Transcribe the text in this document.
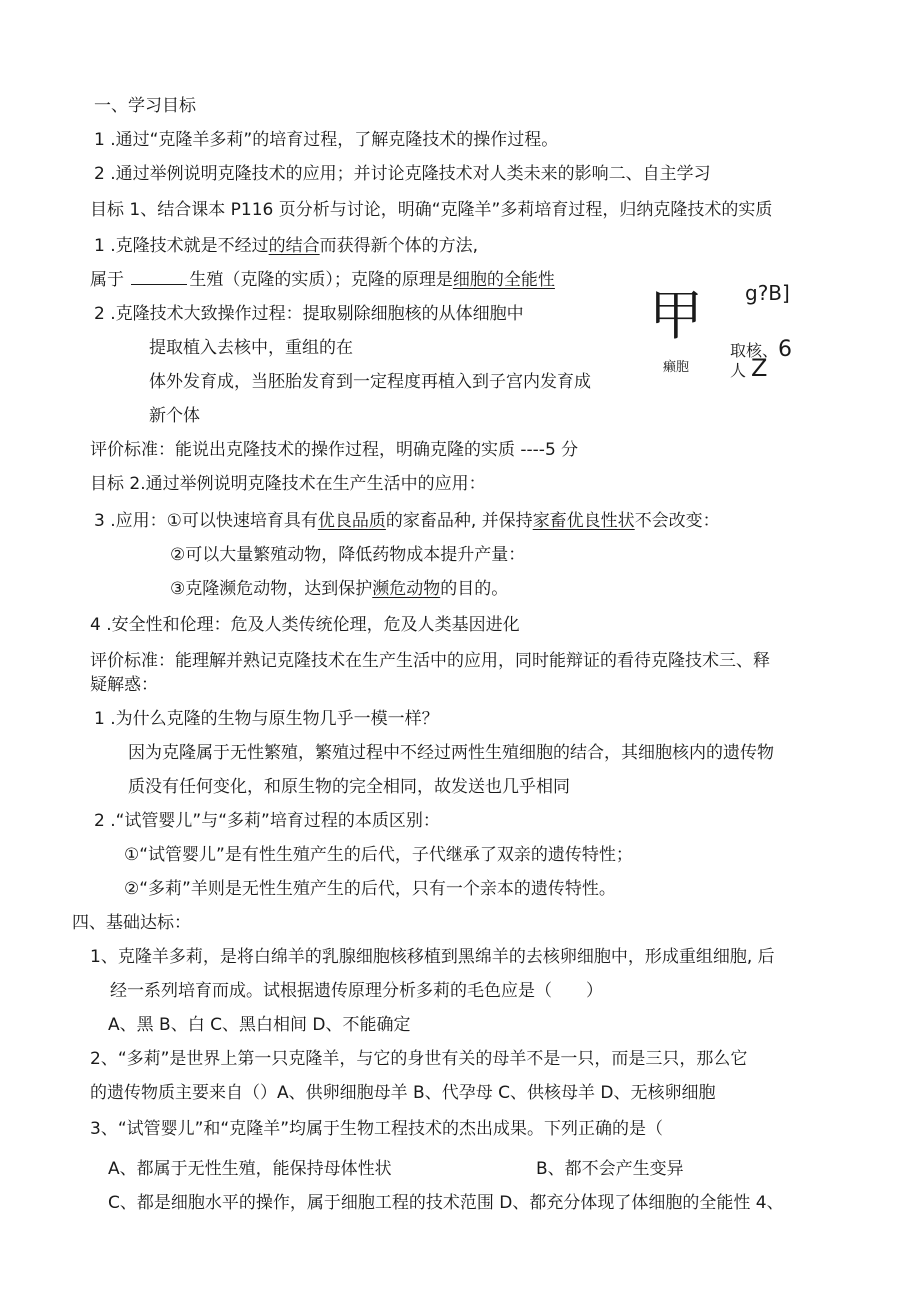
一、学习目标
1 .通过“克隆羊多莉”的培育过程，了解克隆技术的操作过程。
2 .通过举例说明克隆技术的应用；并讨论克隆技术对人类未来的影响二、自主学习
目标 1、结合课本 P116 页分析与讨论，明确“克隆羊”多莉培育过程，归纳克隆技术的实质
1 .克隆技术就是不经过的结合而获得新个体的方法,
属于	生殖（克隆的实质）；克隆的原理是细胞的全能性
2 .克隆技术大致操作过程：提取剔除细胞核的从体细胞中
提取植入去核中，重组的在
体外发育成，当胚胎发育到一定程度再植入到子宫内发育成
新个体
甲 g?B]
取核、6
癞胞	人 Z
评价标准：能说出克隆技术的操作过程，明确克隆的实质 ----5 分
目标 2.通过举例说明克隆技术在生产生活中的应用：
3 .应用：①可以快速培育具有优良品质的家畜品种, 并保持家畜优良性状不会改变：
②可以大量繁殖动物，降低药物成本提升产量：
③克隆濒危动物，达到保护濒危动物的目的。
4 .安全性和伦理：危及人类传统伦理，危及人类基因进化
评价标准：能理解并熟记克隆技术在生产生活中的应用，同时能辩证的看待克隆技术三、释
疑解惑：
1 .为什么克隆的生物与原生物几乎一模一样？
因为克隆属于无性繁殖，繁殖过程中不经过两性生殖细胞的结合，其细胞核内的遗传物
质没有任何变化，和原生物的完全相同，故发送也几乎相同
2 .“试管婴儿”与“多莉”培育过程的本质区别：
①“试管婴儿”是有性生殖产生的后代，子代继承了双亲的遗传特性；
②“多莉”羊则是无性生殖产生的后代，只有一个亲本的遗传特性。
四、基础达标：
1、克隆羊多莉，是将白绵羊的乳腺细胞核移植到黑绵羊的去核卵细胞中，形成重组细胞, 后
经一系列培育而成。试根据遗传原理分析多莉的毛色应是（　　）
A、黑 B、白 C、黑白相间 D、不能确定
2、“多莉”是世界上第一只克隆羊，与它的身世有关的母羊不是一只，而是三只，那么它
的遗传物质主要来自（）A、供卵细胞母羊 B、代孕母 C、供核母羊 D、无核卵细胞
3、“试管婴儿”和“克隆羊”均属于生物工程技术的杰出成果。下列正确的是（
A、都属于无性生殖，能保持母体性状	B、都不会产生变异
C、都是细胞水平的操作，属于细胞工程的技术范围 D、都充分体现了体细胞的全能性 4、
